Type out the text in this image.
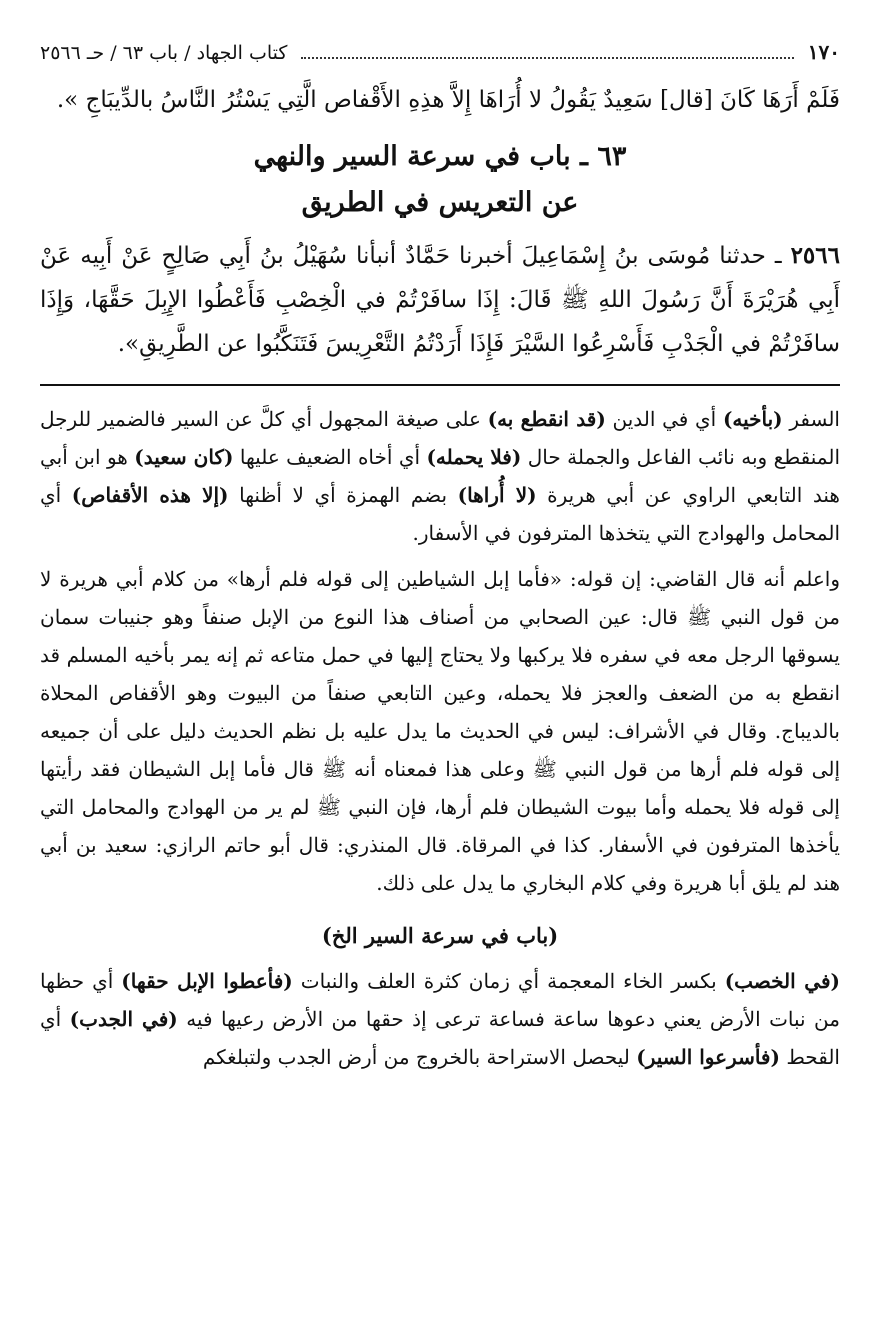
١٧٠
كتاب الجهاد / باب ٦٣ / حـ ٢٥٦٦

فَلَمْ أَرَهَا كَانَ [قال] سَعِيدٌ يَقُولُ لا أُرَاهَا إِلاَّ هذِهِ الأَقْفاص الَّتِي يَسْتُرُ النَّاسُ بالدِّيبَاجِ ».

٦٣ ـ باب في سرعة السير والنهي
عن التعريس في الطريق

٢٥٦٦ ـ حدثنا مُوسَى بنُ إِسْمَاعِيلَ أخبرنا حَمَّادٌ أنبأنا سُهَيْلُ بنُ أَبِي صَالِحٍ عَنْ أَبِيه عَنْ أَبِي هُرَيْرَةَ أَنَّ رَسُولَ اللهِ ﷺ قَالَ: إِذَا سافَرْتُمْ في الْخِصْبِ فَأَعْطُوا الإِبِلَ حَقَّهَا، وَإِذَا سافَرْتُمْ في الْجَدْبِ فَأَسْرِعُوا السَّيْرَ فَإِذَا أَرَدْتُمُ التَّعْرِيسَ فَتَنَكَّبُوا عن الطَّرِيقِ».

السفر (بأخيه) أي في الدين (قد انقطع به) على صيغة المجهول أي كلَّ عن السير فالضمير للرجل المنقطع وبه نائب الفاعل والجملة حال (فلا يحمله) أي أخاه الضعيف عليها (كان سعيد) هو ابن أبي هند التابعي الراوي عن أبي هريرة (لا أُراها) بضم الهمزة أي لا أظنها (إلا هذه الأقفاص) أي المحامل والهوادج التي يتخذها المترفون في الأسفار.

واعلم أنه قال القاضي: إن قوله: «فأما إبل الشياطين إلى قوله فلم أرها» من كلام أبي هريرة لا من قول النبي ﷺ قال: عين الصحابي من أصناف هذا النوع من الإبل صنفاً وهو جنيبات سمان يسوقها الرجل معه في سفره فلا يركبها ولا يحتاج إليها في حمل متاعه ثم إنه يمر بأخيه المسلم قد انقطع به من الضعف والعجز فلا يحمله، وعين التابعي صنفاً من البيوت وهو الأقفاص المحلاة بالديباج. وقال في الأشراف: ليس في الحديث ما يدل عليه بل نظم الحديث دليل على أن جميعه إلى قوله فلم أرها من قول النبي ﷺ وعلى هذا فمعناه أنه ﷺ قال فأما إبل الشيطان فقد رأيتها إلى قوله فلا يحمله وأما بيوت الشيطان فلم أرها، فإن النبي ﷺ لم ير من الهوادج والمحامل التي يأخذها المترفون في الأسفار. كذا في المرقاة. قال المنذري: قال أبو حاتم الرازي: سعيد بن أبي هند لم يلق أبا هريرة وفي كلام البخاري ما يدل على ذلك.

(باب في سرعة السير الخ)

(في الخصب) بكسر الخاء المعجمة أي زمان كثرة العلف والنبات (فأعطوا الإبل حقها) أي حظها من نبات الأرض يعني دعوها ساعة فساعة ترعى إذ حقها من الأرض رعيها فيه (في الجدب) أي القحط (فأسرعوا السير) ليحصل الاستراحة بالخروج من أرض الجدب ولتبلغكم
